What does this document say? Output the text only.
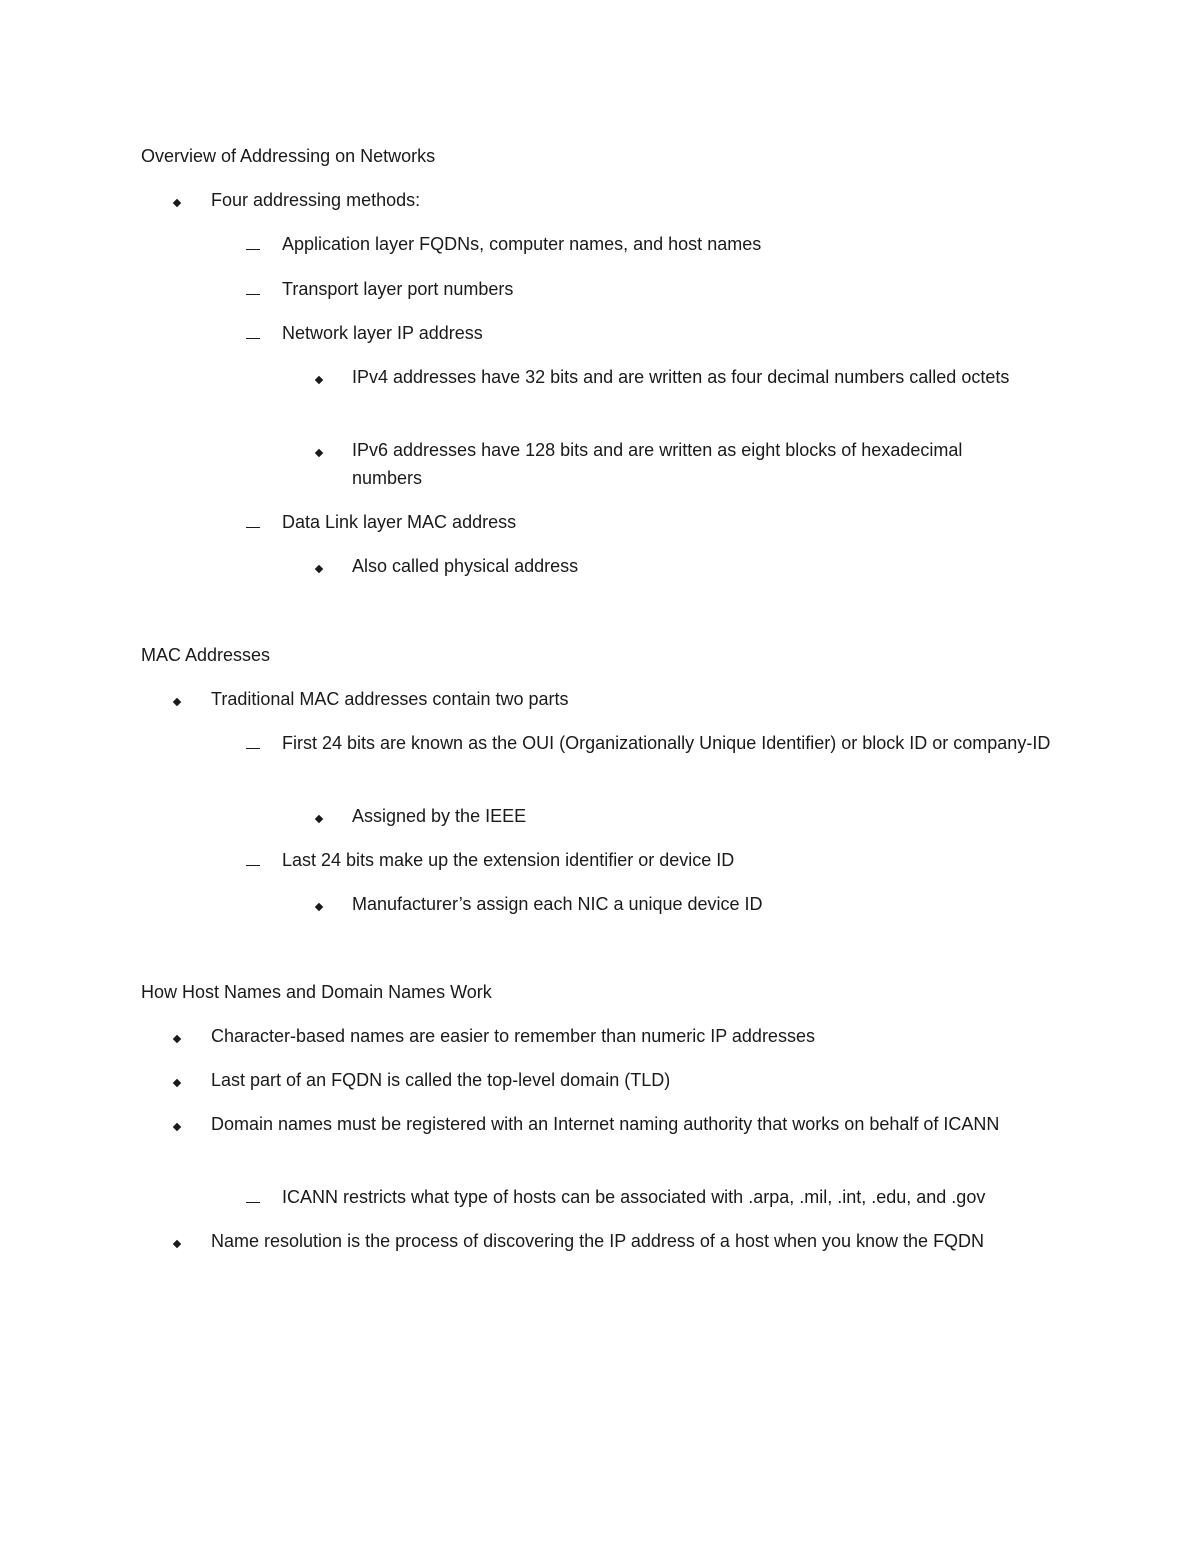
Overview of Addressing on Networks
Four addressing methods:
Application layer FQDNs, computer names, and host names
Transport layer port numbers
Network layer IP address
IPv4 addresses have 32 bits and are written as four decimal numbers called octets
IPv6 addresses have 128 bits and are written as eight blocks of hexadecimal numbers
Data Link layer MAC address
Also called physical address
MAC Addresses
Traditional MAC addresses contain two parts
First 24 bits are known as the OUI (Organizationally Unique Identifier) or block ID or company-ID
Assigned by the IEEE
Last 24 bits make up the extension identifier or device ID
Manufacturer’s assign each NIC a unique device ID
How Host Names and Domain Names Work
Character-based names are easier to remember than numeric IP addresses
Last part of an FQDN is called the top-level domain (TLD)
Domain names must be registered with an Internet naming authority that works on behalf of ICANN
ICANN restricts what type of hosts can be associated with .arpa, .mil, .int, .edu, and .gov
Name resolution is the process of discovering the IP address of a host when you know the FQDN
